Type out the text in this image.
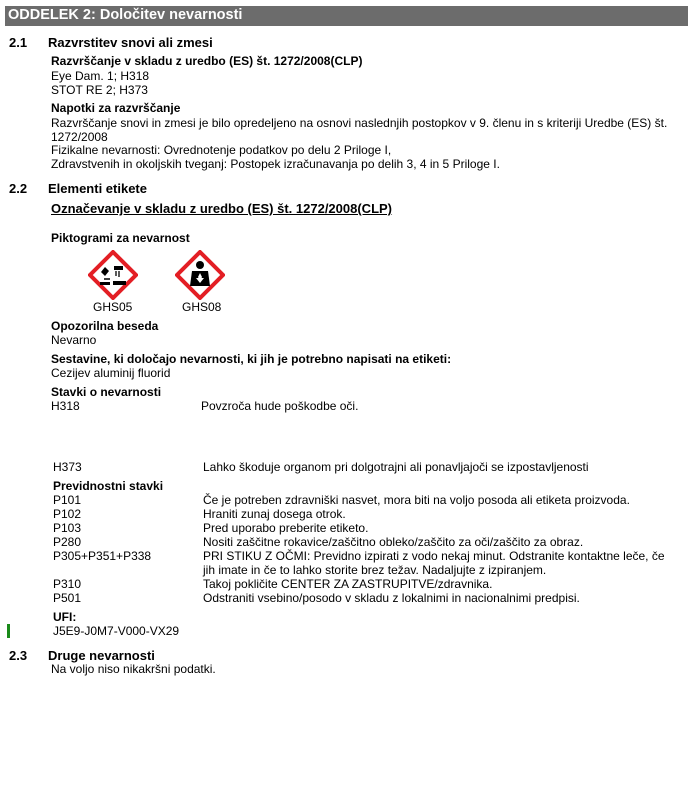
ODDELEK 2: Določitev nevarnosti
2.1 Razvrstitev snovi ali zmesi
Razvrščanje v skladu z uredbo (ES) št. 1272/2008(CLP)
Eye Dam. 1; H318
STOT RE 2; H373
Napotki za razvrščanje
Razvrščanje snovi in zmesi je bilo opredeljeno na osnovi naslednjih postopkov v 9. členu in s kriteriji Uredbe (ES) št.
1272/2008
Fizikalne nevarnosti: Ovrednotenje podatkov po delu 2 Priloge I,
Zdravstvenih in okoljskih tveganj: Postopek izračunavanja po delih 3, 4 in 5 Priloge I.
2.2 Elementi etikete
Označevanje v skladu z uredbo (ES) št. 1272/2008(CLP)
Piktogrami za nevarnost
GHS05	GHS08
Opozorilna beseda
Nevarno
Sestavine, ki določajo nevarnosti, ki jih je potrebno napisati na etiketi:
Cezijev aluminij fluorid
Stavki o nevarnosti
H318	Povzroča hude poškodbe oči.
H373	Lahko škoduje organom pri dolgotrajni ali ponavljajoči se izpostavljenosti
Previdnostni stavki
P101	Če je potreben zdravniški nasvet, mora biti na voljo posoda ali etiketa proizvoda.
P102	Hraniti zunaj dosega otrok.
P103	Pred uporabo preberite etiketo.
P280	Nositi zaščitne rokavice/zaščitno obleko/zaščito za oči/zaščito za obraz.
P305+P351+P338	PRI STIKU Z OČMI: Previdno izpirati z vodo nekaj minut. Odstranite kontaktne leče, če jih imate in če to lahko storite brez težav. Nadaljujte z izpiranjem.
P310	Takoj pokličite CENTER ZA ZASTRUPITVE/zdravnika.
P501	Odstraniti vsebino/posodo v skladu z lokalnimi in nacionalnimi predpisi.
UFI:
J5E9-J0M7-V000-VX29
2.3 Druge nevarnosti
Na voljo niso nikakršni podatki.
